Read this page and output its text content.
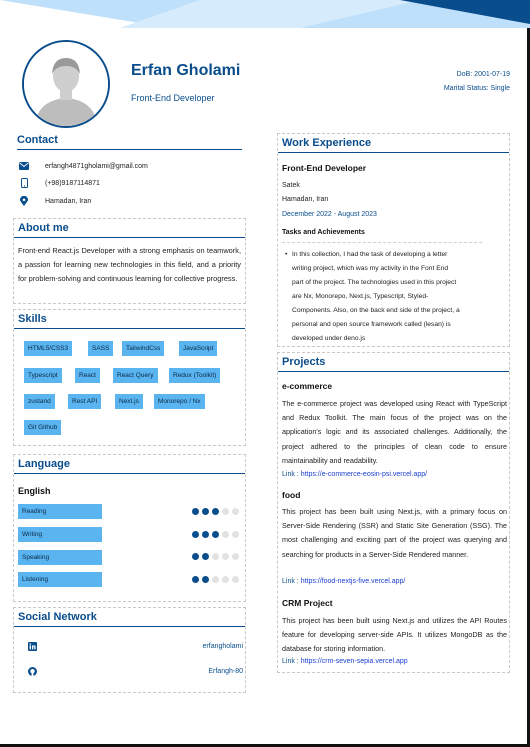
Erfan Gholami
Front-End Developer
DoB: 2001-07-19
Marital Status: Single
Contact
erfangh4871gholami@gmail.com
(+98)9187114871
Hamadan, Iran
About me

Front-end React.js Developer with a strong emphasis on teamwork, a passion for learning new technologies in this field, and a priority for problem-solving and continuous learning for collective progress.

Skills
HTML5/CSS3	SASS	TailwindCss	JavaScript
Typescript	React	React Query	Redux (Toolkit)
zustand	Rest API	Next.js	Monorepo / Nx
Git Github
Language
English
Reading
Writing
Speaking
Listening
Social Network
erfangholami
Erfangh-80
Work Experience
Front-End Developer
Satek
Hamadan, Iran
December 2022 - August 2023
Tasks and Achievements
• In this collection, I had the task of developing a letter
writing project, which was my activity in the Font End
part of the project. The technologies used in this project
are Nx, Monorepo, Next.js, Typescript, Styled-
Components. Also, on the back end side of the project, a
personal and open source framework called (lesan) is
developed under deno.js
Projects
e-commerce
The e-commerce project was developed using React with TypeScript and Redux Toolkit. The main focus of the project was on the application's logic and its associated challenges. Additionally, the project adhered to the principles of clean code to ensure maintainability and readability.
Link : https://e-commerce-eosin-psi.vercel.app/
food
This project has been built using Next.js, with a primary focus on Server-Side Rendering (SSR) and Static Site Generation (SSG). The most challenging and exciting part of the project was querying and searching for products in a Server-Side Rendered manner.
Link : https://food-nextjs-five.vercel.app/
CRM Project
This project has been built using Next.js and utilizes the API Routes feature for developing server-side APIs. It utilizes MongoDB as the database for storing information.
Link : https://crm-seven-sepia.vercel.app
